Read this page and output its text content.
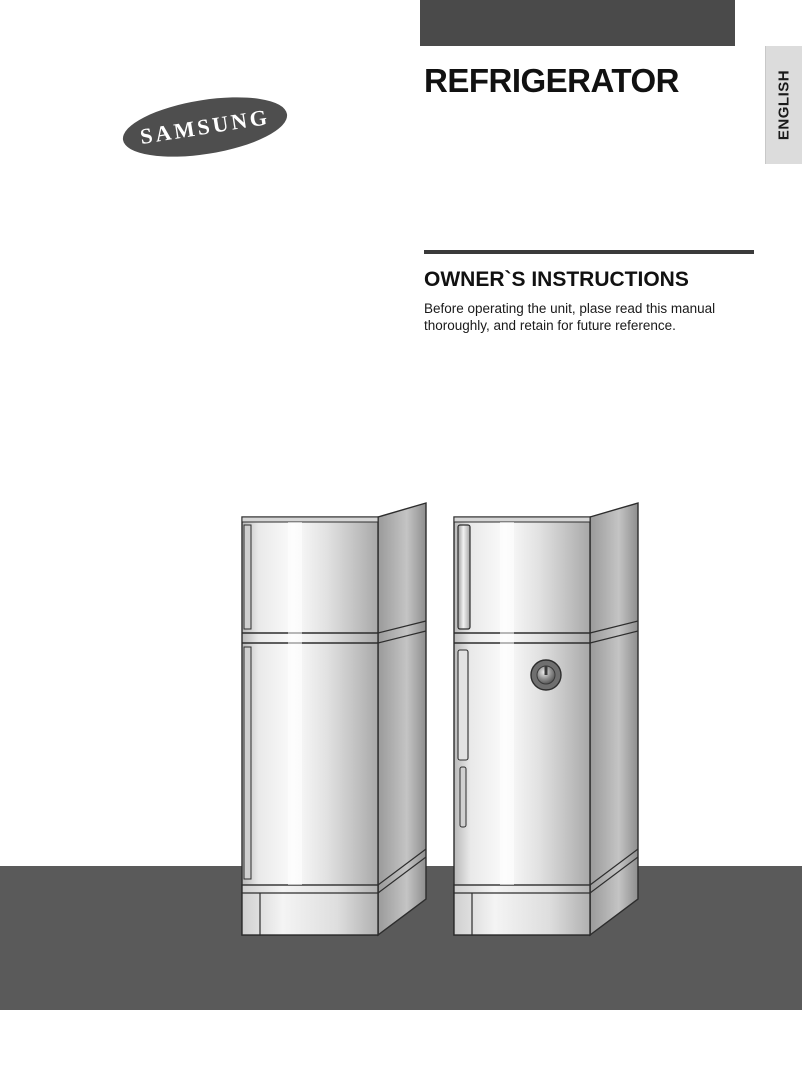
ENGLISH
REFRIGERATOR
SAMSUNG
OWNER`S INSTRUCTIONS
Before operating the unit, plase read this manual thoroughly, and retain for future reference.
